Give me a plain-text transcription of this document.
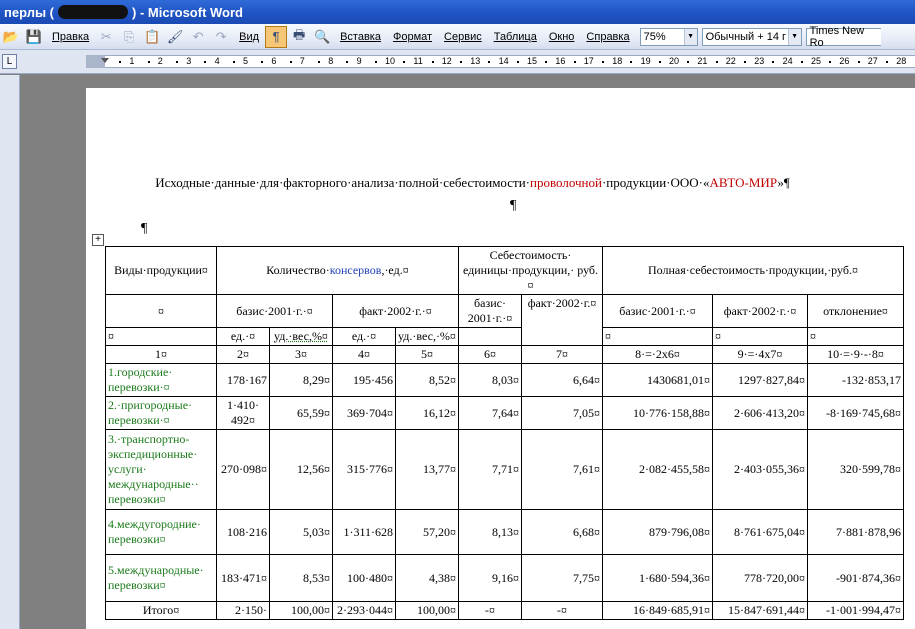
перлы (	) - Microsoft Word
📂 💾 Правка ✂ ⎘ 📋 🖌 ↶ ↷	Вид	¶	🖶 🔍 Вставка	Формат	Сервис	Таблица	Окно	Справка	75%	▼ Обычный + 14 г ▼ Times New Ro
L	1	2	3	4	5	6	7	8	9	10 11 12 13 14 15 16 17 18 19 20 21 22 23 24 25 26 27 28
Исходные·данные·для·факторного·анализа·полной·себестоимости·проволочной·продукции·ООО·«АВТО-МИР»¶
¶
¶
+
Виды·продукции¤	Количество·консервов,·ед.¤				Себестоимость· единицы·продукции,· руб.¤		Полная·себестоимость·продукции,·руб.¤		
¤	базис·2001·г.·¤		факт·2002·г.·¤		базис· 2001·г.·¤	факт·2002·г.¤	базис·2001·г.·¤	факт·2002·г.·¤	отклонение¤
¤	ед.·¤	уд.·вес,%¤	ед.·¤	уд.·вес,·%¤			¤	¤	¤
1¤	2¤	3¤	4¤	5¤	6¤	7¤	8·=·2х6¤	9·=·4х7¤	10·=·9·-·8¤
1.городские· перевозки·¤	178·167	8,29¤	195·456	8,52¤	8,03¤	6,64¤	1430681,01¤	1297·827,84¤	-132·853,17
2.·пригородные· перевозки·¤	1·410· 492¤	65,59¤	369·704¤	16,12¤	7,64¤	7,05¤	10·776·158,88¤	2·606·413,20¤	-8·169·745,68¤
3.·транспортно-экспедиционные· услуги· международные·· перевозки¤	270·098¤	12,56¤	315·776¤	13,77¤	7,71¤	7,61¤	2·082·455,58¤	2·403·055,36¤	320·599,78¤
4.междугородние· перевозки¤	108·216	5,03¤	1·311·628	57,20¤	8,13¤	6,68¤	879·796,08¤	8·761·675,04¤	7·881·878,96
5.международные· перевозки¤	183·471¤	8,53¤	100·480¤	4,38¤	9,16¤	7,75¤	1·680·594,36¤	778·720,00¤	-901·874,36¤
Итого¤	2·150·	100,00¤	2·293·044¤	100,00¤	-¤	-¤	16·849·685,91¤	15·847·691,44¤	-1·001·994,47¤
